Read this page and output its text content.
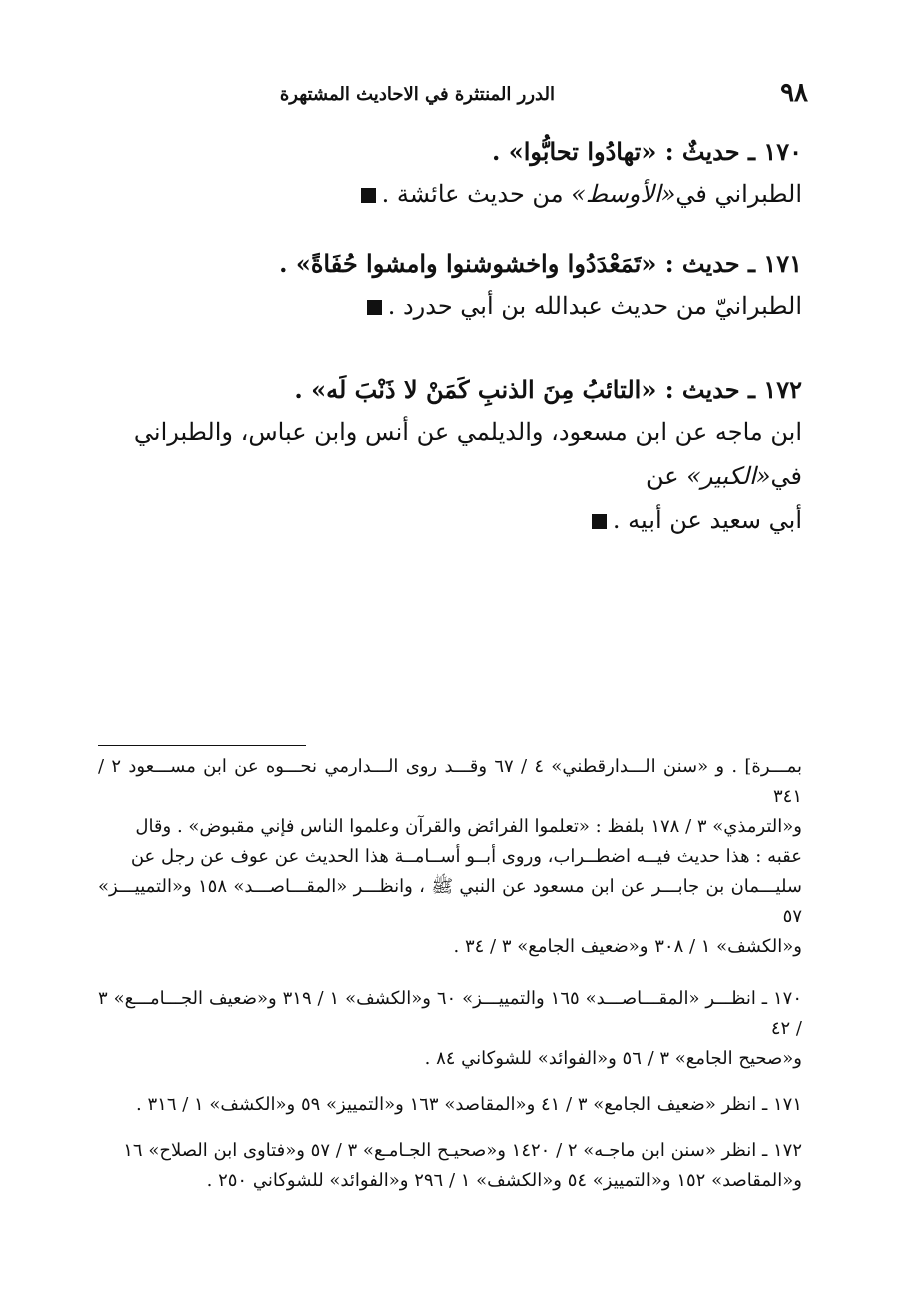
٩٨
الدرر المنتثرة في الاحاديث المشتهرة
١٧٠ ـ حديثٌ : «تهادُوا تحابُّوا» .
الطبراني في«الأوسط» من حديث عائشة .
١٧١ ـ حديث : «تَمَعْدَدُوا واخشوشنوا وامشوا حُفَاةً» .
الطبرانيّ من حديث عبدالله بن أبي حدرد .
١٧٢ ـ حديث : «التائبُ مِنَ الذنبِ كَمَنْ لا ذَنْبَ لَه» .
ابن ماجه عن ابن مسعود، والديلمي عن أنس وابن عباس، والطبراني في«الكبير» عن
أبي سعيد عن أبيه .
بمـــرة] . و «سنن الـــدارقطني» ٤ / ٦٧ وقـــد روى الـــدارمي نحـــوه عن ابن مســـعود ٢ / ٣٤١
و«الترمذي» ٣ / ١٧٨ بلفظ : «تعلموا الفرائض والقرآن وعلموا الناس فإني مقبوض» . وقال
عقبه : هذا حديث فيــه اضطــراب، وروى أبــو أســامــة هذا الحديث عن عوف عن رجل عن
سليـــمان بن جابـــر عن ابن مسعود عن النبي ﷺ ، وانظـــر «المقـــاصـــد» ١٥٨ و«التمييـــز» ٥٧
و«الكشف» ١ / ٣٠٨ و«ضعيف الجامع» ٣ / ٣٤ .
١٧٠ ـ انظـــر «المقـــاصـــد» ١٦٥ والتمييـــز» ٦٠ و«الكشف» ١ / ٣١٩ و«ضعيف الجـــامـــع» ٣ / ٤٢
و«صحيح الجامع» ٣ / ٥٦ و«الفوائد» للشوكاني ٨٤ .
١٧١ ـ انظر «ضعيف الجامع» ٣ / ٤١ و«المقاصد» ١٦٣ و«التمييز» ٥٩ و«الكشف» ١ / ٣١٦ .
١٧٢ ـ انظر «سنن ابن ماجـه» ٢ / ١٤٢٠ و«صحيـح الجـامـع» ٣ / ٥٧ و«فتاوى ابن الصلاح» ١٦
و«المقاصد» ١٥٢ و«التمييز» ٥٤ و«الكشف» ١ / ٢٩٦ و«الفوائد» للشوكاني ٢٥٠ .
